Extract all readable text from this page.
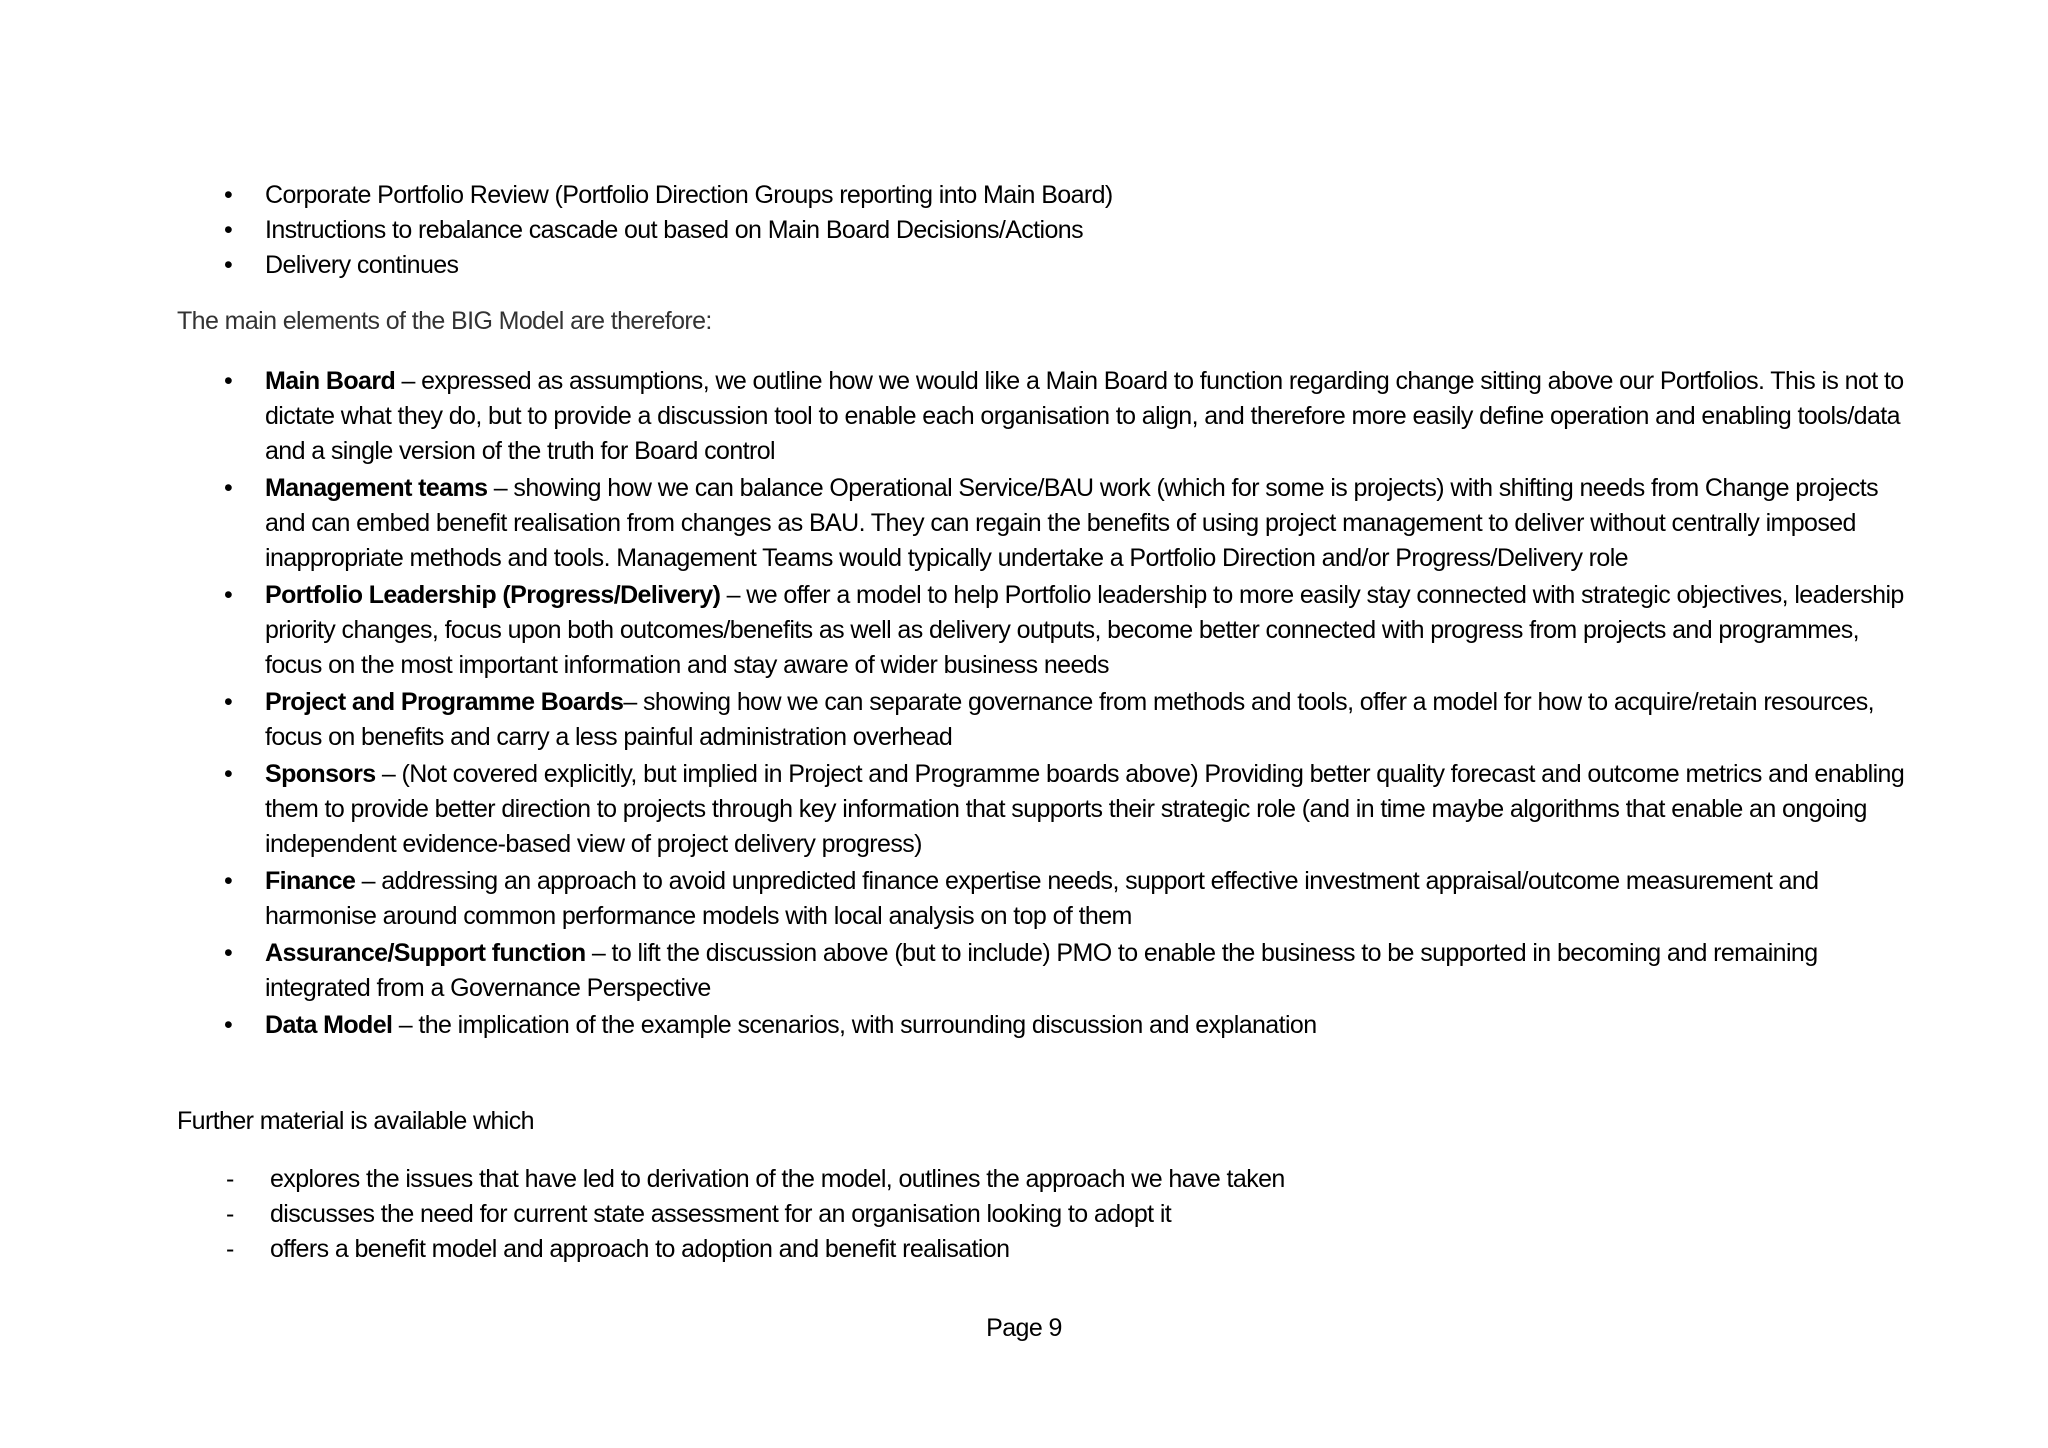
• Corporate Portfolio Review (Portfolio Direction Groups reporting into Main Board)
• Instructions to rebalance cascade out based on Main Board Decisions/Actions
• Delivery continues

The main elements of the BIG Model are therefore:

• Main Board – expressed as assumptions, we outline how we would like a Main Board to function regarding change sitting above our Portfolios. This is not to dictate what they do, but to provide a discussion tool to enable each organisation to align, and therefore more easily define operation and enabling tools/data and a single version of the truth for Board control
• Management teams – showing how we can balance Operational Service/BAU work (which for some is projects) with shifting needs from Change projects and can embed benefit realisation from changes as BAU. They can regain the benefits of using project management to deliver without centrally imposed inappropriate methods and tools. Management Teams would typically undertake a Portfolio Direction and/or Progress/Delivery role
• Portfolio Leadership (Progress/Delivery) – we offer a model to help Portfolio leadership to more easily stay connected with strategic objectives, leadership priority changes, focus upon both outcomes/benefits as well as delivery outputs, become better connected with progress from projects and programmes, focus on the most important information and stay aware of wider business needs
• Project and Programme Boards– showing how we can separate governance from methods and tools, offer a model for how to acquire/retain resources, focus on benefits and carry a less painful administration overhead
• Sponsors – (Not covered explicitly, but implied in Project and Programme boards above) Providing better quality forecast and outcome metrics and enabling them to provide better direction to projects through key information that supports their strategic role (and in time maybe algorithms that enable an ongoing independent evidence-based view of project delivery progress)
• Finance – addressing an approach to avoid unpredicted finance expertise needs, support effective investment appraisal/outcome measurement and harmonise around common performance models with local analysis on top of them
• Assurance/Support function – to lift the discussion above (but to include) PMO to enable the business to be supported in becoming and remaining integrated from a Governance Perspective
• Data Model – the implication of the example scenarios, with surrounding discussion and explanation

Further material is available which

- explores the issues that have led to derivation of the model, outlines the approach we have taken
- discusses the need for current state assessment for an organisation looking to adopt it
- offers a benefit model and approach to adoption and benefit realisation
Page 9
